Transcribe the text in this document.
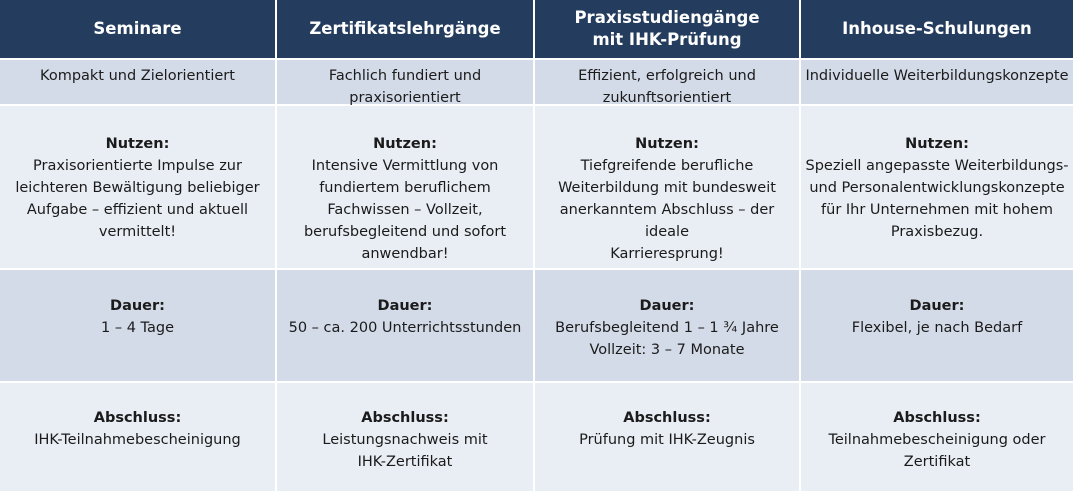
Seminare	Zertifikatslehrgänge
Praxisstudiengänge
mit IHK-Prüfung
Inhouse-Schulungen
Kompakt und Zielorientiert	Fachlich fundiert und
praxisorientiert
Effizient, erfolgreich und
zukunftsorientiert
Individuelle Weiterbildungskonzepte
Nutzen:
Praxisorientierte Impulse zur
leichteren Bewältigung beliebiger
Aufgabe – effizient und aktuell
vermittelt!
Nutzen:
Intensive Vermittlung von
fundiertem beruflichem
Fachwissen – Vollzeit,
berufsbegleitend und sofort
anwendbar!
Nutzen:
Tiefgreifende berufliche
Weiterbildung mit bundesweit
anerkanntem Abschluss – der ideale
Karrieresprung!
Nutzen:
Speziell angepasste Weiterbildungs-
und Personalentwicklungskonzepte
für Ihr Unternehmen mit hohem
Praxisbezug.
Dauer:
1 – 4 Tage
Dauer:
50 – ca. 200 Unterrichtsstunden
Dauer:
Berufsbegleitend 1 – 1 ¾ Jahre
Vollzeit: 3 – 7 Monate
Dauer:
Flexibel, je nach Bedarf
Abschluss:
IHK-Teilnahmebescheinigung
Abschluss:
Leistungsnachweis mit
IHK-Zertifikat
Abschluss:
Prüfung mit IHK-Zeugnis
Abschluss:
Teilnahmebescheinigung oder
Zertifikat
